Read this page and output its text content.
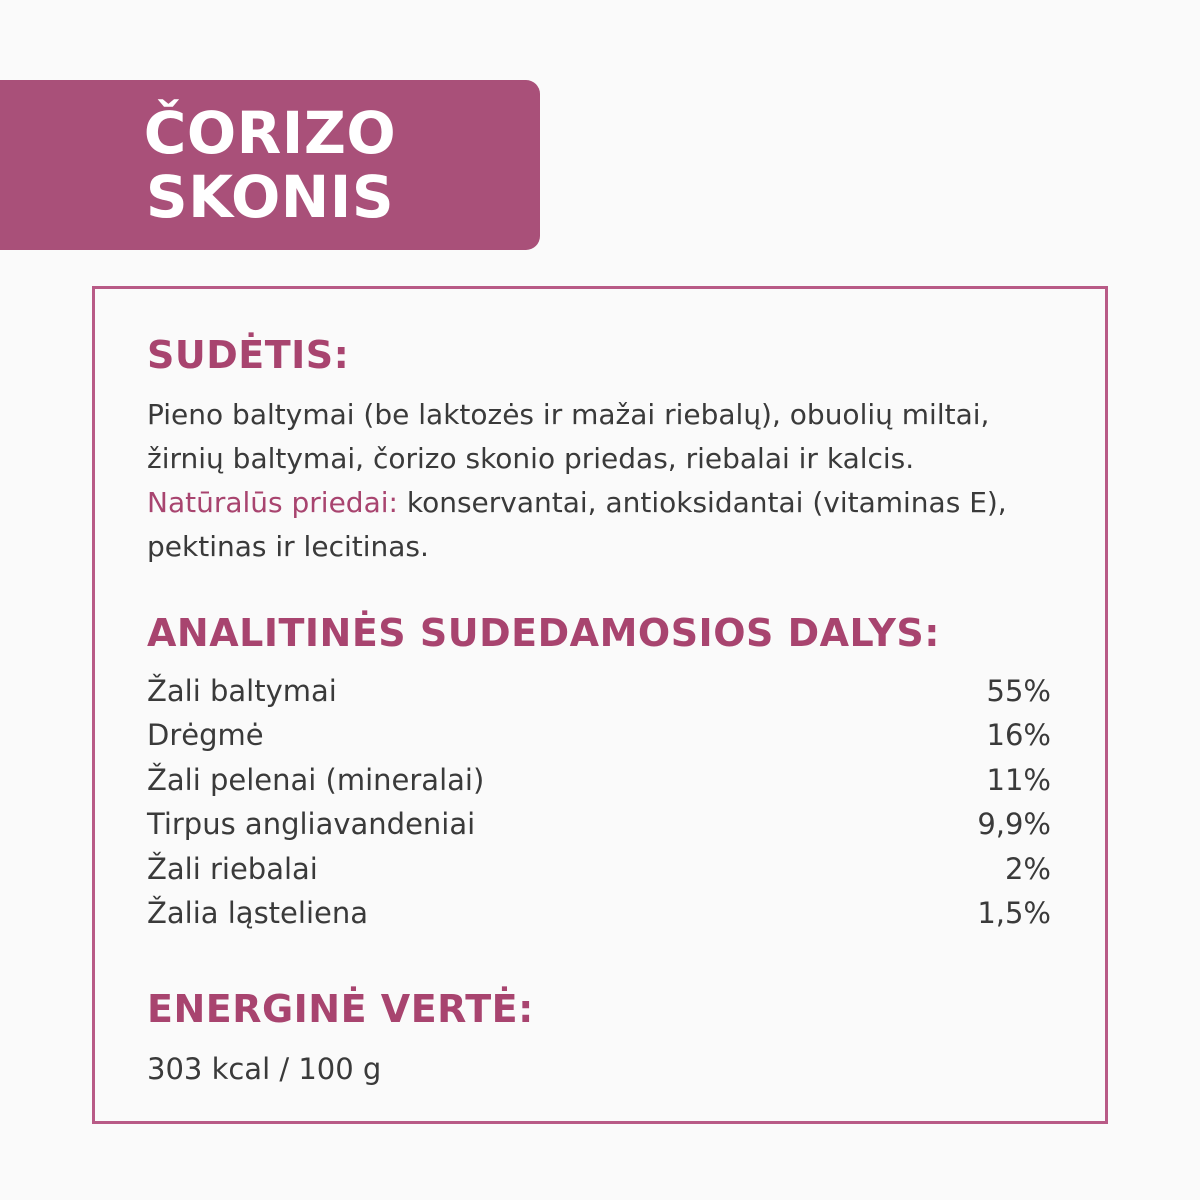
ČORIZO
SKONIS
SUDĖTIS:
Pieno baltymai (be laktozės ir mažai riebalų), obuolių miltai,
žirnių baltymai, čorizo skonio priedas, riebalai ir kalcis.
Natūralūs priedai: konservantai, antioksidantai (vitaminas E),
pektinas ir lecitinas.
ANALITINĖS SUDEDAMOSIOS DALYS:
Žali baltymai	55%
Drėgmė	16%
Žali pelenai (mineralai)	11%
Tirpus angliavandeniai	9,9%
Žali riebalai	2%
Žalia ląsteliena	1,5%
ENERGINĖ VERTĖ:
303 kcal / 100 g
